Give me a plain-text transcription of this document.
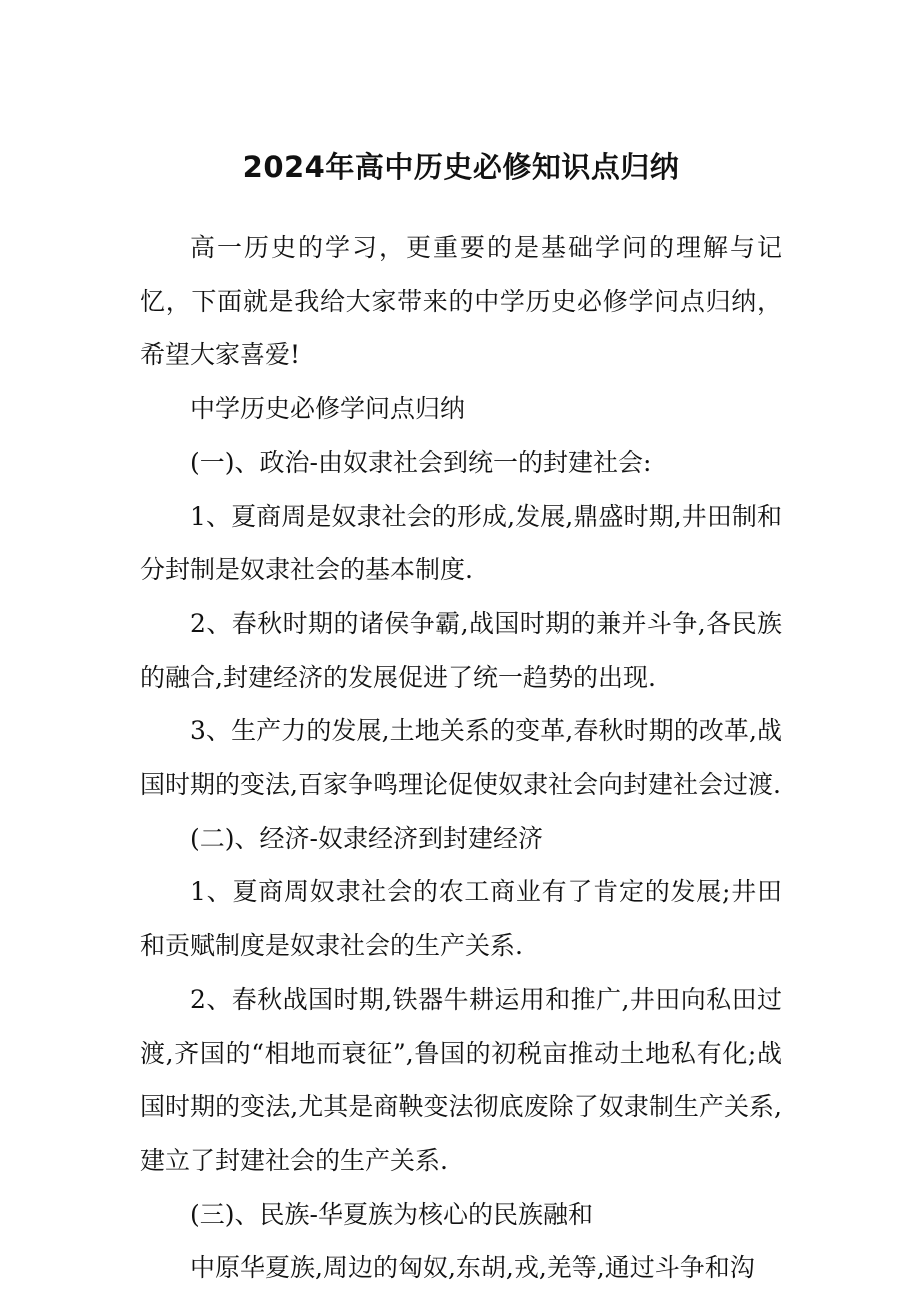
2024年高中历史必修知识点归纳

高一历史的学习，更重要的是基础学问的理解与记忆，下面就是我给大家带来的中学历史必修学问点归纳，希望大家喜爱!

中学历史必修学问点归纳

(一)、政治-由奴隶社会到统一的封建社会:

1、夏商周是奴隶社会的形成,发展,鼎盛时期,井田制和分封制是奴隶社会的基本制度.

2、春秋时期的诸侯争霸,战国时期的兼并斗争,各民族的融合,封建经济的发展促进了统一趋势的出现.

3、生产力的发展,土地关系的变革,春秋时期的改革,战国时期的变法,百家争鸣理论促使奴隶社会向封建社会过渡.

(二)、经济-奴隶经济到封建经济

1、夏商周奴隶社会的农工商业有了肯定的发展;井田和贡赋制度是奴隶社会的生产关系.

2、春秋战国时期,铁器牛耕运用和推广,井田向私田过渡,齐国的“相地而衰征”,鲁国的初税亩推动土地私有化;战国时期的变法,尤其是商鞅变法彻底废除了奴隶制生产关系,建立了封建社会的生产关系.

(三)、民族-华夏族为核心的民族融和

中原华夏族,周边的匈奴,东胡,戎,羌等,通过斗争和沟
